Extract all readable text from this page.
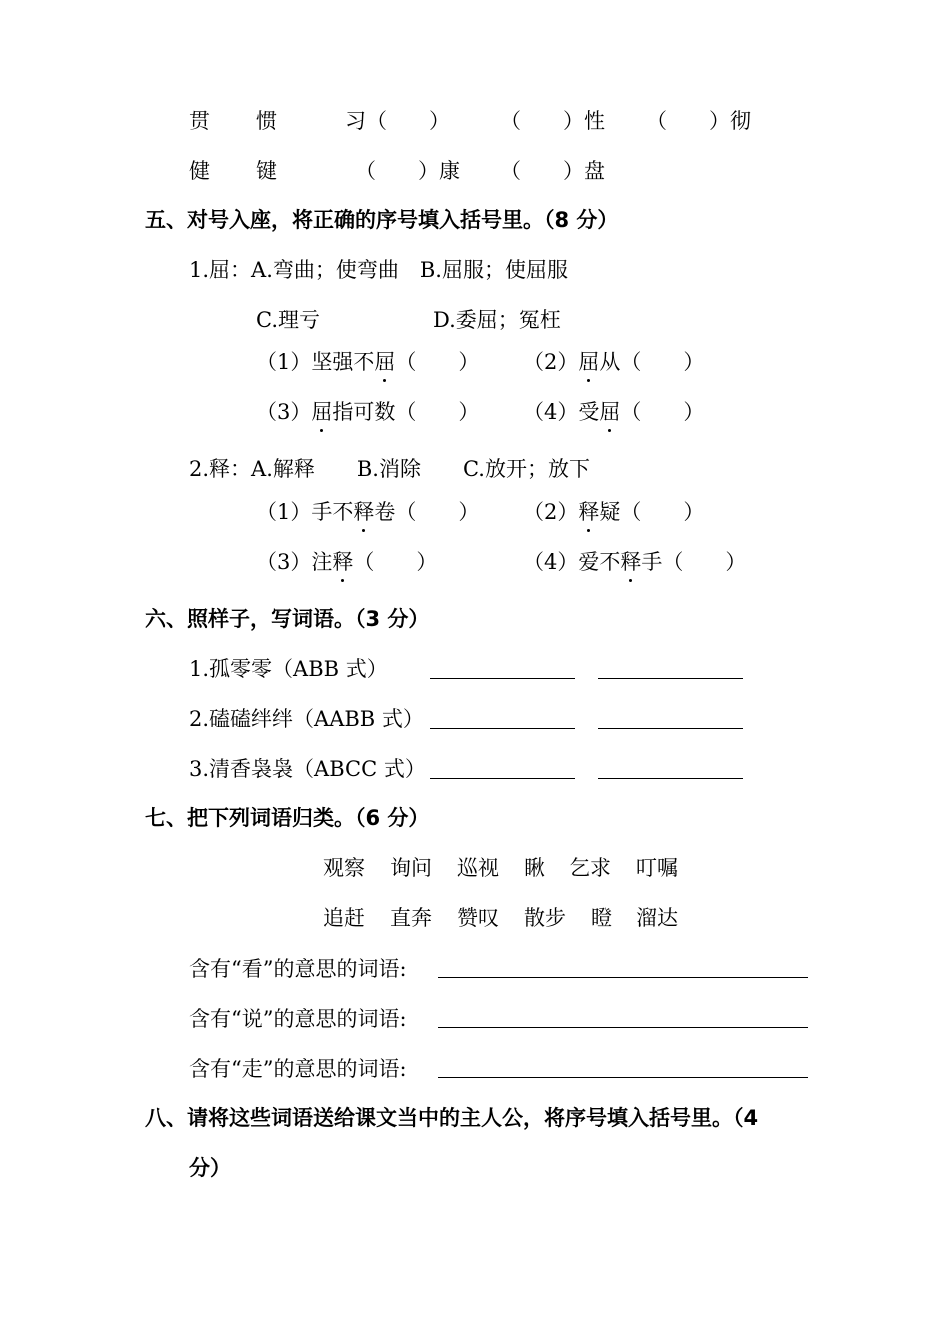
贯 惯	习（　　） （　　）性 （　　）彻
健 键	（　　）康 （　　）盘
五、对号入座，将正确的序号填入括号里。（8 分）
1.屈：A.弯曲；使弯曲　B.屈服；使屈服
C.理亏	D.委屈；冤枉
（1）坚强不屈（　　） （2）屈从（　　）
（3）屈指可数（　　） （4）受屈（　　）
2.释：A.解释　　B.消除　　C.放开；放下
（1）手不释卷（　　） （2）释疑（　　）
（3）注释（　　）	（4）爱不释手（　　）
六、照样子，写词语。（3 分）
1.孤零零（ABB 式）
2.磕磕绊绊（AABB 式）
3.清香袅袅（ABCC 式）
七、把下列词语归类。（6 分）
观察 询问 巡视 瞅 乞求 叮嘱
追赶 直奔 赞叹 散步 瞪 溜达
含有“看”的意思的词语:
含有“说”的意思的词语:
含有“走”的意思的词语:
八、请将这些词语送给课文当中的主人公，将序号填入括号里。（4
分）
